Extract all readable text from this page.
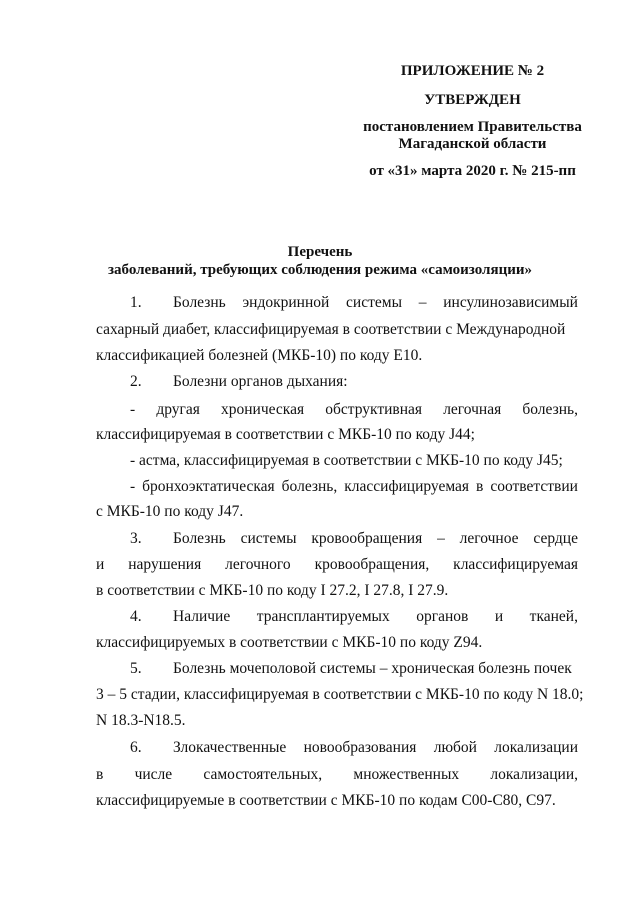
ПРИЛОЖЕНИЕ № 2
УТВЕРЖДЕН
постановлением Правительства
Магаданской области
от «31» марта 2020 г. № 215-пп
Перечень
заболеваний, требующих соблюдения режима «самоизоляции»
1. Болезнь эндокринной системы – инсулинозависимый
сахарный диабет, классифицируемая в соответствии с Международной
классификацией болезней (МКБ-10) по коду E10.
2. Болезни органов дыхания:
- другая хроническая обструктивная легочная болезнь,
классифицируемая в соответствии с МКБ-10 по коду J44;
- астма, классифицируемая в соответствии с МКБ-10 по коду J45;
- бронхоэктатическая болезнь, классифицируемая в соответствии
с МКБ-10 по коду J47.
3. Болезнь системы кровообращения – легочное сердце
и нарушения легочного кровообращения, классифицируемая
в соответствии с МКБ-10 по коду I 27.2, I 27.8, I 27.9.
4. Наличие трансплантируемых органов и тканей,
классифицируемых в соответствии с МКБ-10 по коду Z94.
5. Болезнь мочеполовой системы – хроническая болезнь почек
3 – 5 стадии, классифицируемая в соответствии с МКБ-10 по коду N 18.0;
N 18.3-N18.5.
6. Злокачественные новообразования любой локализации
в числе самостоятельных, множественных локализации,
классифицируемые в соответствии с МКБ-10 по кодам C00-C80, C97.
